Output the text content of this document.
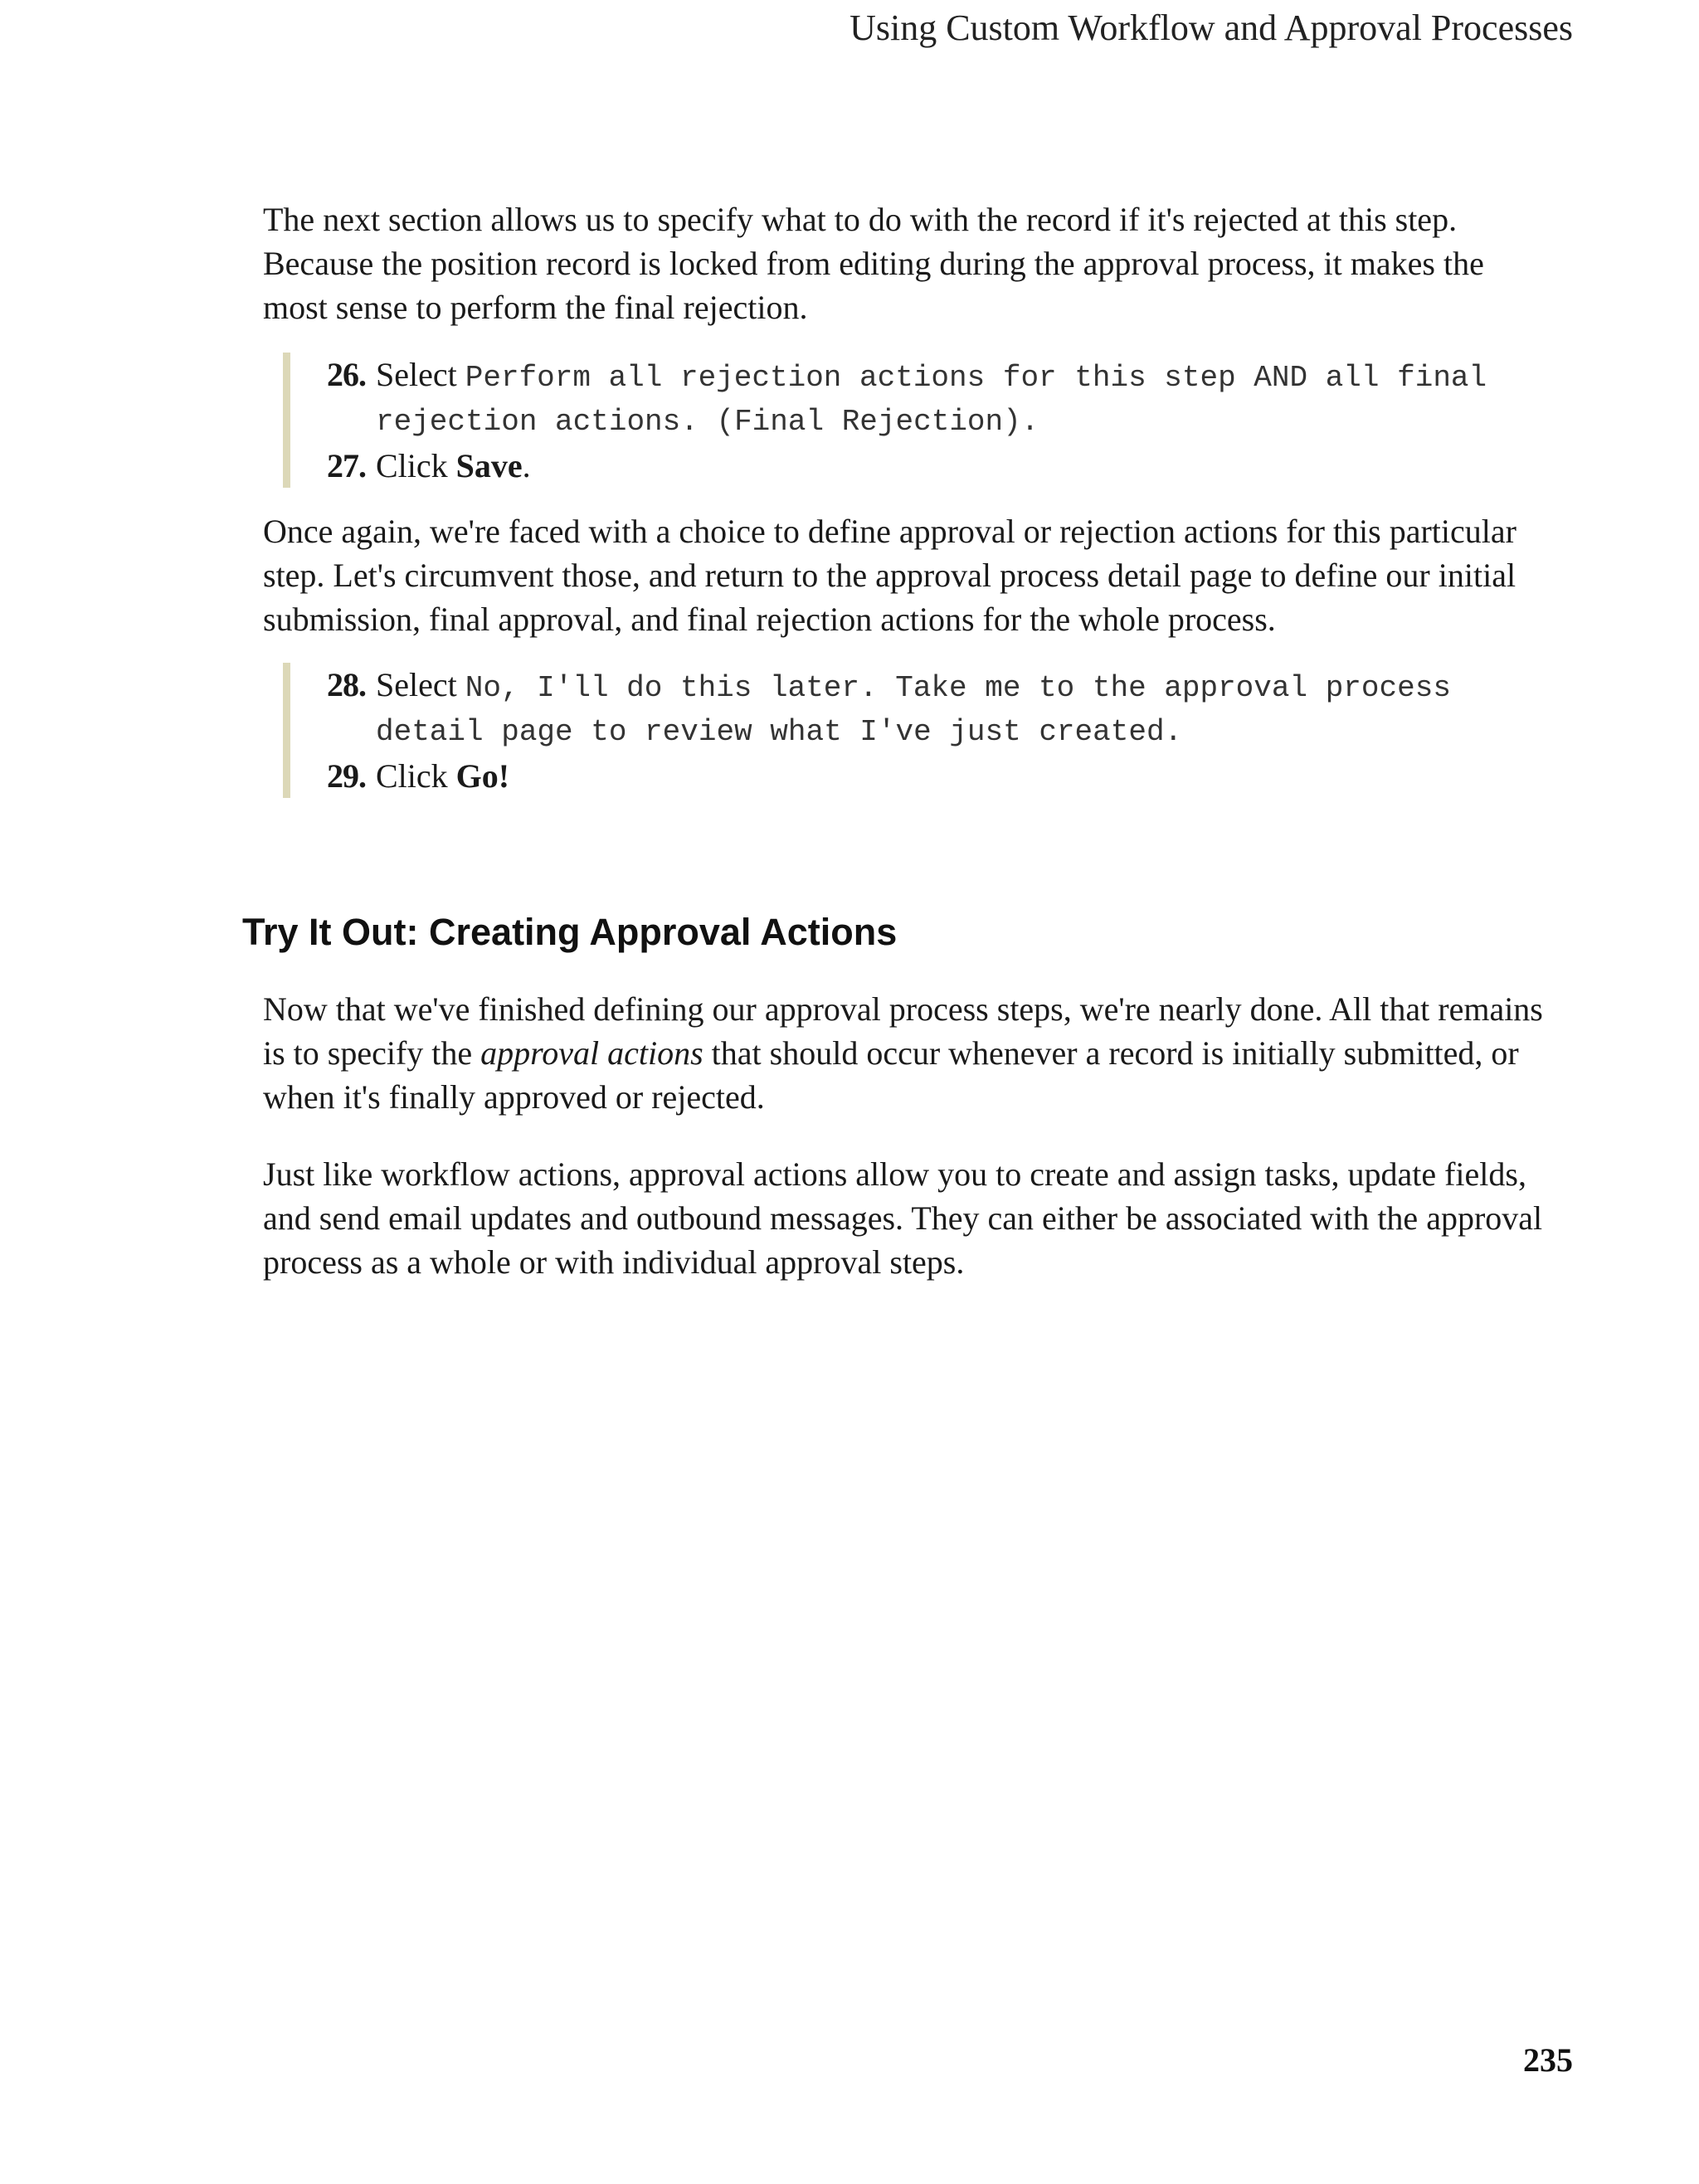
Using Custom Workflow and Approval Processes

The next section allows us to specify what to do with the record if it's rejected at this step.
Because the position record is locked from editing during the approval process, it makes the
most sense to perform the final rejection.

26. Select Perform all rejection actions for this step AND all final
rejection actions. (Final Rejection).
27. Click Save.

Once again, we're faced with a choice to define approval or rejection actions for this particular
step. Let's circumvent those, and return to the approval process detail page to define our initial
submission, final approval, and final rejection actions for the whole process.

28. Select No, I'll do this later. Take me to the approval process
detail page to review what I've just created.
29. Click Go!
Try It Out: Creating Approval Actions

Now that we've finished defining our approval process steps, we're nearly done. All that remains
is to specify the approval actions that should occur whenever a record is initially submitted, or
when it's finally approved or rejected.

Just like workflow actions, approval actions allow you to create and assign tasks, update fields,
and send email updates and outbound messages. They can either be associated with the approval
process as a whole or with individual approval steps.

235
